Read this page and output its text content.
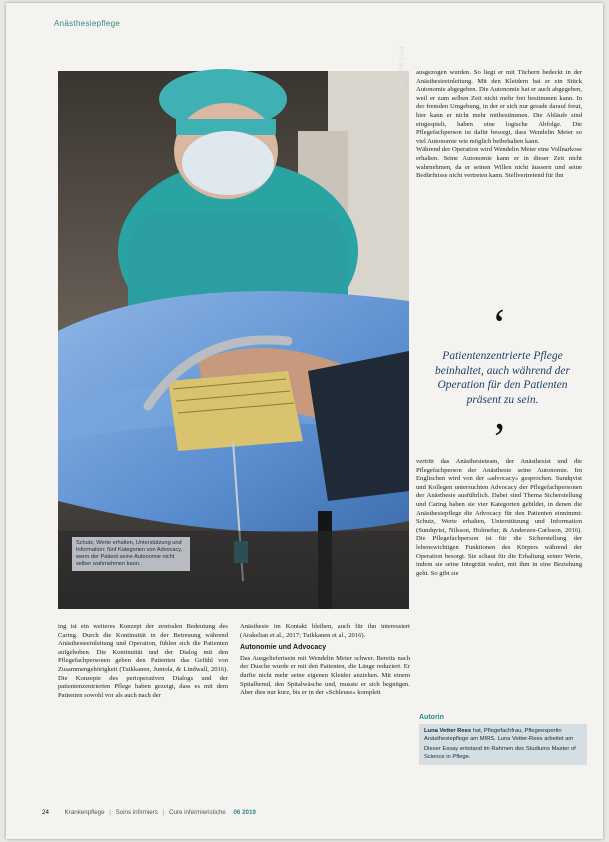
Anästhesiepflege
FOTO: Max Sample
Schutz, Werte erhalten, Unterstützung und Information: fünf Kategorien von Advocacy, wenn der Patient seine Autonomie nicht selber wahrnehmen kann.

ausgezogen wurden. So liegt er mit Tüchern bedeckt in der Anästhesieeinleitung. Mit den Kleidern hat er ein Stück Autonomie abgegeben. Die Autonomie hat er auch abgegeben, weil er zum selben Zeit nicht mehr frei bestimmen kann. In der fremden Umgebung, in der er sich nur gerade darauf freut, hier kann er nicht mehr mitbestimmen. Die Abläufe sind eingespielt, haben eine logische Abfolge. Die Pflegefachperson ist dafür besorgt, dass Wendelin Meier so viel Autonomie wie möglich beibehalten kann.

Während der Operation wird Wendelin Meier eine Vollnarkose erhalten. Seine Autonomie kann er in dieser Zeit nicht wahrnehmen, da er seinen Willen nicht äussern und seine Bedürfnisse nicht vertreten kann. Stellvertretend für ihn

‘
Patientenzentrierte Pflege beinhaltet, auch während der Operation für den Patienten präsent zu sein.
’

vertritt das Anästhesieteam, der Anästhesist und die Pflegefachperson der Anästhesie seine Autonomie. Im Englischen wird von der «advocacy» gesprochen. Sundqvist und Kollegen untersuchten Advocacy der Pflegefachpersonen der Anästhesie ausführlich. Dabei sind Thema Sicherstellung und Caring haben sie vier Kategorien gebildet, in denen die Anästhesiepflege die Advocacy für den Patienten einnimmt: Schutz, Werte erhalten, Unterstützung und Information (Sundqvist, Nilsson, Holmefur, & Anderzen-Carlsson, 2016). Die Pflegefachperson ist für die Sicherstellung der lebenswichtigen Funktionen des Körpers während der Operation besorgt. Sie schaut für die Erhaltung seiner Werte, indem sie seine Integrität wahrt, mit ihm in eine Beziehung geht. So gibt sie

ing ist ein weiteres Konzept der zentralen Bedeutung des Caring. Durch die Kontinuität in der Betreuung während Anästhesieeinleitung und Operation, fühlen sich die Patienten aufgehoben. Die Kontinuität und der Dialog mit den Pflegefachpersonen geben den Patienten das Gefühl von Zusammengehörigkeit (Tuikkanen, Juntola, & Lindwall, 2016). Die Konzepte des perioperativen Dialogs und der patientenzentrierten Pflege haben gezeigt, dass es mit dem Patienten sowohl vor als auch nach der

Anästhesie im Kontakt bleiben, auch für ihn interessiert (Arakelian et al., 2017; Tuikkanen et al., 2016).

Autonomie und Advocacy

Das Ausgeliefertsein mit Wendelin Meier schwer. Bereits nach der Dusche wurde er mit den Patienten, die Länge reduziert. Er durfte nicht mehr seine eigenen Kleider anziehen. Mit einem Spitalhemd, den Spitalwäsche und, musste er sich begnügen. Aber dies nur kurz, bis er in der «Schleuse» komplett

Autorin
Luna Vetter Rees hat, Pflegefachfrau, Pflegeexpertin Anästhesiepflege am MIRS. Luna Vetter-Rees arbeitet am
Dieser Essay entstand im Rahmen des Studiums Master of Science in Pflege.
24	Krankenpflege | Soins infirmiers | Cure infermieristiche 06 2019
